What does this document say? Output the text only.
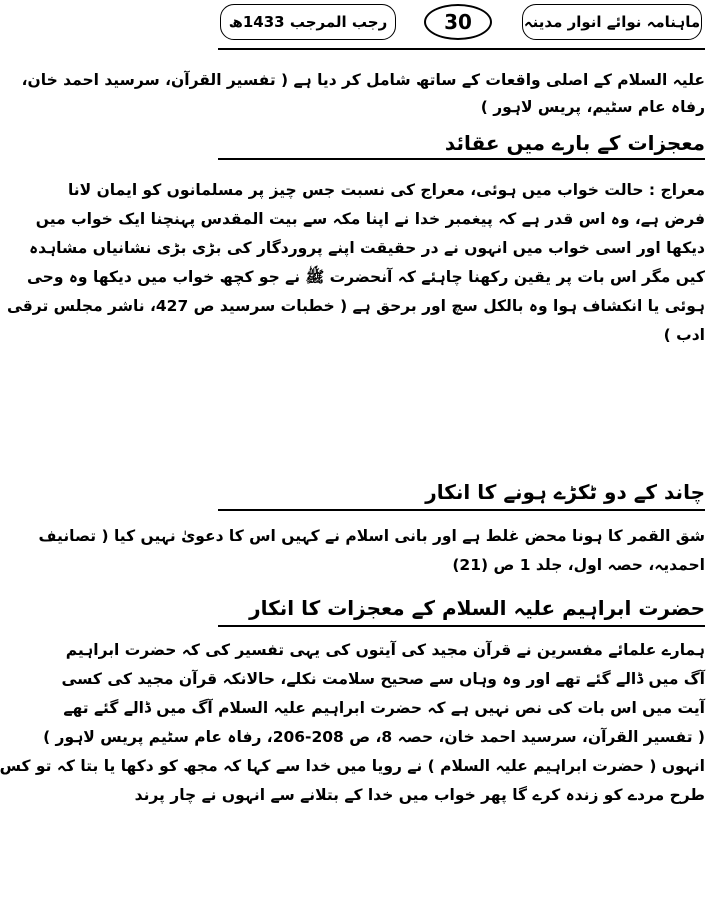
ماہنامہ نوائے انوار مدینہ
30
رجب المرجب 1433ھ
علیہ السلام کے اصلی واقعات کے ساتھ شامل کر دیا ہے ( تفسیر القرآن، سرسید احمد خان،
رفاہ عام سٹیم، پریس لاہور )
معجزات کے بارے میں عقائد
معراج : حالت خواب میں ہوئی، معراج کی نسبت جس چیز پر مسلمانوں کو ایمان لانا
فرض ہے، وہ اس قدر ہے کہ پیغمبر خدا نے اپنا مکہ سے بیت المقدس پہنچنا ایک خواب میں
دیکھا اور اسی خواب میں انہوں نے در حقیقت اپنے پروردگار کی بڑی بڑی نشانیاں مشاہدہ
کیں مگر اس بات پر یقین رکھنا چاہئے کہ آنحضرت ﷺ نے جو کچھ خواب میں دیکھا وہ وحی
ہوئی یا انکشاف ہوا وہ بالکل سچ اور برحق ہے ( خطبات سرسید ص 427، ناشر مجلس ترقی
ادب )
چاند کے دو ٹکڑے ہونے کا انکار
شق القمر کا ہونا محض غلط ہے اور بانی اسلام نے کہیں اس کا دعویٰ نہیں کیا ( تصانیف
احمدیہ، حصہ اول، جلد 1 ص (21)
حضرت ابراہیم علیہ السلام کے معجزات کا انکار
ہمارے علمائے مفسرین نے قرآن مجید کی آیتوں کی یہی تفسیر کی کہ حضرت ابراہیم
آگ میں ڈالے گئے تھے اور وہ وہاں سے صحیح سلامت نکلے، حالانکہ قرآن مجید کی کسی
آیت میں اس بات کی نص نہیں ہے کہ حضرت ابراہیم علیہ السلام آگ میں ڈالے گئے تھے
( تفسیر القرآن، سرسید احمد خان، حصہ 8، ص 208-206، رفاہ عام سٹیم پریس لاہور )
انہوں ( حضرت ابراہیم علیہ السلام ) نے رویا میں خدا سے کہا کہ مجھ کو دکھا یا بتا کہ تو کس
طرح مردے کو زندہ کرے گا پھر خواب میں خدا کے بتلانے سے انہوں نے چار پرند
